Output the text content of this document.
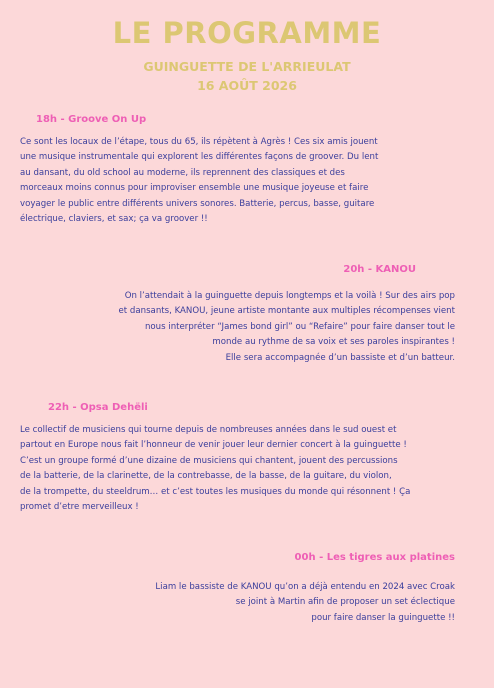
LE PROGRAMME
GUINGUETTE DE L'ARRIEULAT
16 AOÛT 2026
18h - Groove On Up
Ce sont les locaux de l’étape, tous du 65, ils répètent à Agrès ! Ces six amis jouent
une musique instrumentale qui explorent les différentes façons de groover. Du lent
au dansant, du old school au moderne, ils reprennent des classiques et des
morceaux moins connus pour improviser ensemble une musique joyeuse et faire
voyager le public entre différents univers sonores. Batterie, percus, basse, guitare
électrique, claviers, et sax; ça va groover !!
20h - KANOU
On l’attendait à la guinguette depuis longtemps et la voilà ! Sur des airs pop
et dansants, KANOU, jeune artiste montante aux multiples récompenses vient
nous interpréter “James bond girl” ou “Refaire” pour faire danser tout le
monde au rythme de sa voix et ses paroles inspirantes !
Elle sera accompagnée d’un bassiste et d’un batteur.
22h - Opsa Dehëli
Le collectif de musiciens qui tourne depuis de nombreuses années dans le sud ouest et
partout en Europe nous fait l’honneur de venir jouer leur dernier concert à la guinguette !
C’est un groupe formé d’une dizaine de musiciens qui chantent, jouent des percussions
de la batterie, de la clarinette, de la contrebasse, de la basse, de la guitare, du violon,
de la trompette, du steeldrum… et c’est toutes les musiques du monde qui résonnent ! Ça
promet d’etre merveilleux !
00h - Les tigres aux platines
Liam le bassiste de KANOU qu’on a déjà entendu en 2024 avec Croak
se joint à Martin afin de proposer un set éclectique
pour faire danser la guinguette !!
